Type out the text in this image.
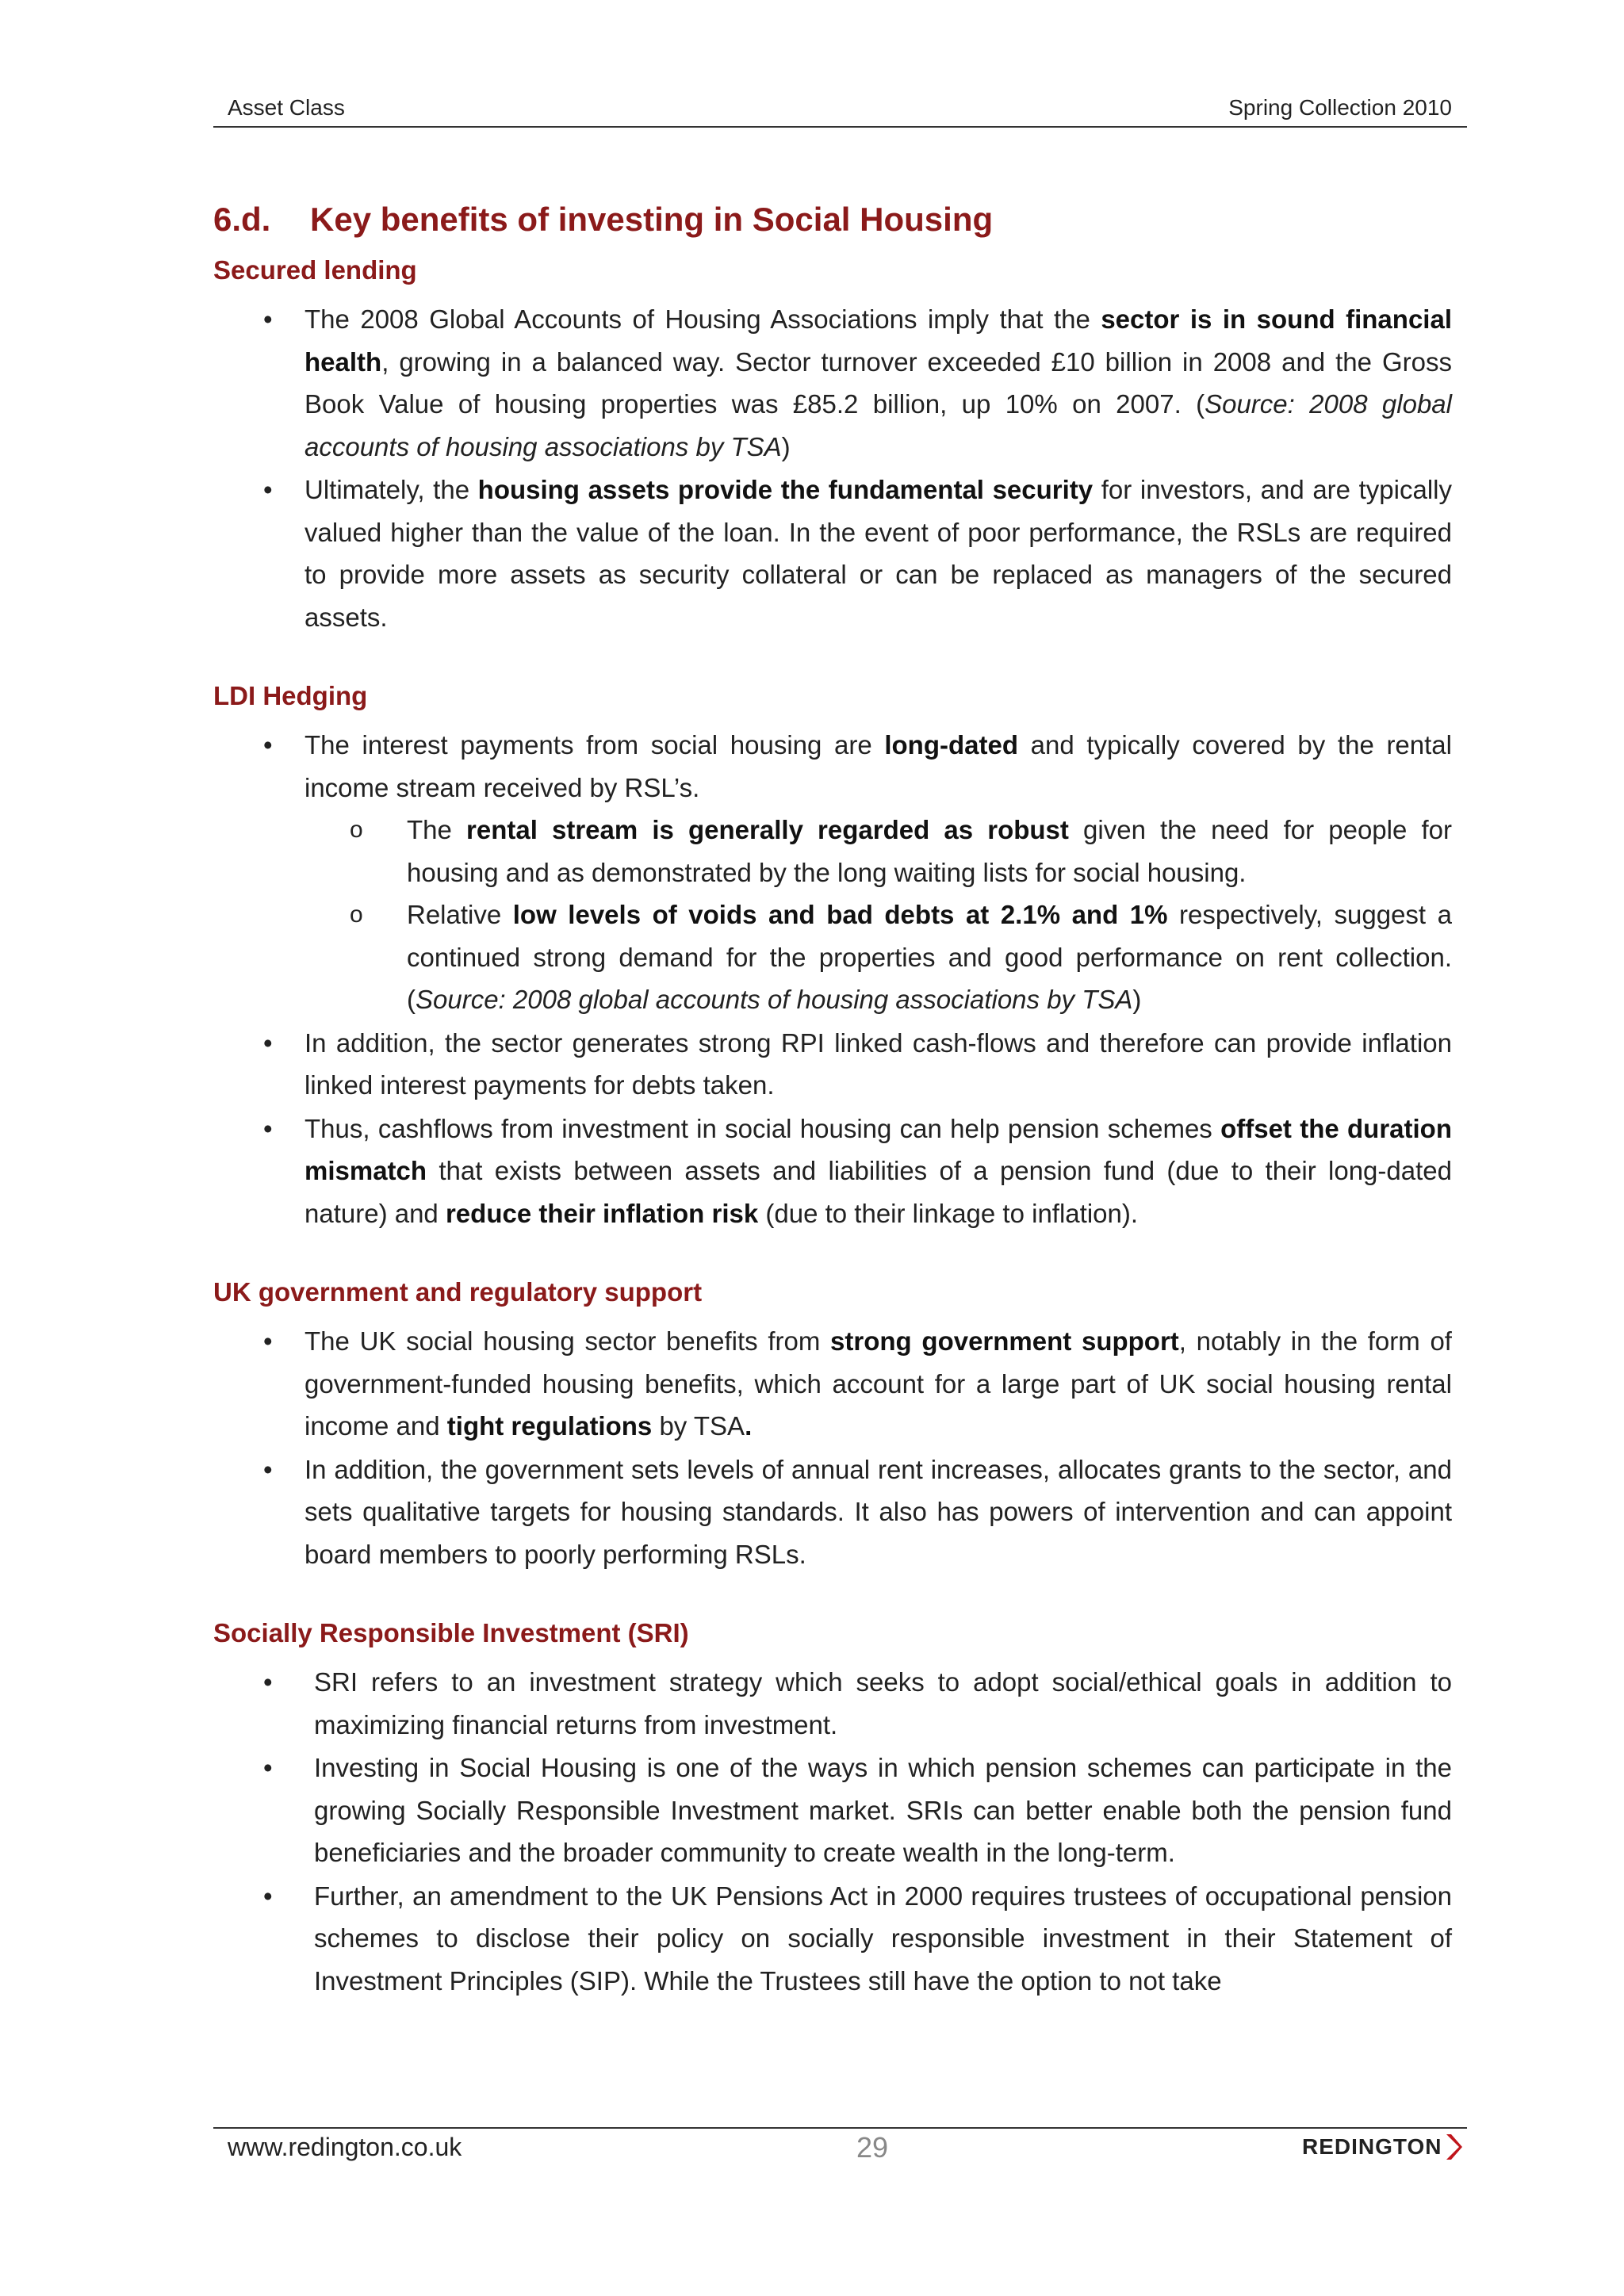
Asset Class	Spring Collection 2010
6.d. Key benefits of investing in Social Housing
Secured lending
• The 2008 Global Accounts of Housing Associations imply that the sector is in sound financial health, growing in a balanced way. Sector turnover exceeded £10 billion in 2008 and the Gross Book Value of housing properties was £85.2 billion, up 10% on 2007. (Source: 2008 global accounts of housing associations by TSA)
• Ultimately, the housing assets provide the fundamental security for investors, and are typically valued higher than the value of the loan. In the event of poor performance, the RSLs are required to provide more assets as security collateral or can be replaced as managers of the secured assets.
LDI Hedging
• The interest payments from social housing are long-dated and typically covered by the rental income stream received by RSL’s.
o The rental stream is generally regarded as robust given the need for people for housing and as demonstrated by the long waiting lists for social housing.
o Relative low levels of voids and bad debts at 2.1% and 1% respectively, suggest a continued strong demand for the properties and good performance on rent collection. (Source: 2008 global accounts of housing associations by TSA)
• In addition, the sector generates strong RPI linked cash-flows and therefore can provide inflation linked interest payments for debts taken.
• Thus, cashflows from investment in social housing can help pension schemes offset the duration mismatch that exists between assets and liabilities of a pension fund (due to their long-dated nature) and reduce their inflation risk (due to their linkage to inflation).
UK government and regulatory support
• The UK social housing sector benefits from strong government support, notably in the form of government-funded housing benefits, which account for a large part of UK social housing rental income and tight regulations by TSA.
• In addition, the government sets levels of annual rent increases, allocates grants to the sector, and sets qualitative targets for housing standards. It also has powers of intervention and can appoint board members to poorly performing RSLs.
Socially Responsible Investment (SRI)
• SRI refers to an investment strategy which seeks to adopt social/ethical goals in addition to maximizing financial returns from investment.
• Investing in Social Housing is one of the ways in which pension schemes can participate in the growing Socially Responsible Investment market. SRIs can better enable both the pension fund beneficiaries and the broader community to create wealth in the long-term.
• Further, an amendment to the UK Pensions Act in 2000 requires trustees of occupational pension schemes to disclose their policy on socially responsible investment in their Statement of Investment Principles (SIP). While the Trustees still have the option to not take
www.redington.co.uk	29	REDINGTON
